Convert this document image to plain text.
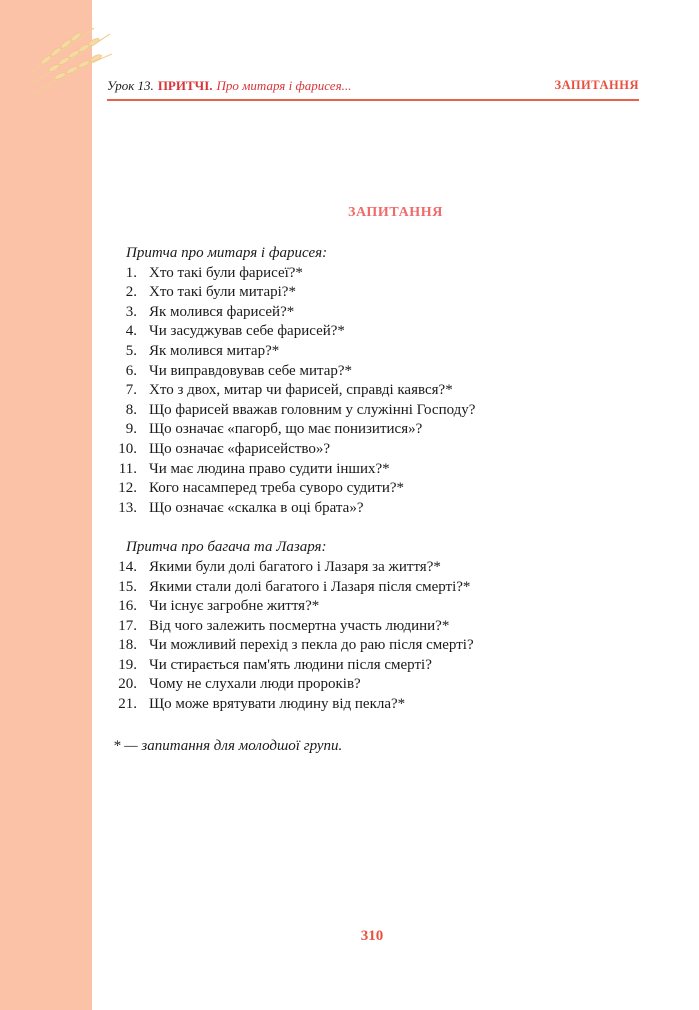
Урок 13. ПРИТЧІ. Про митаря і фарисея...	ЗАПИТАННЯ
ЗАПИТАННЯ
Притча про митаря і фарисея:
1. Хто такі були фарисеї?*
2. Хто такі були митарі?*
3. Як молився фарисей?*
4. Чи засуджував себе фарисей?*
5. Як молився митар?*
6. Чи виправдовував себе митар?*
7. Хто з двох, митар чи фарисей, справді каявся?*
8. Що фарисей вважав головним у служінні Господу?
9. Що означає «пагорб, що має понизитися»?
10. Що означає «фарисейство»?
11. Чи має людина право судити інших?*
12. Кого насамперед треба суворо судити?*
13. Що означає «скалка в оці брата»?
Притча про багача та Лазаря:
14. Якими були долі багатого і Лазаря за життя?*
15. Якими стали долі багатого і Лазаря після смерті?*
16. Чи існує загробне життя?*
17. Від чого залежить посмертна участь людини?*
18. Чи можливий перехід з пекла до раю після смерті?
19. Чи стирається пам'ять людини після смерті?
20. Чому не слухали люди пророків?
21. Що може врятувати людину від пекла?*
* — запитання для молодшої групи.
310
